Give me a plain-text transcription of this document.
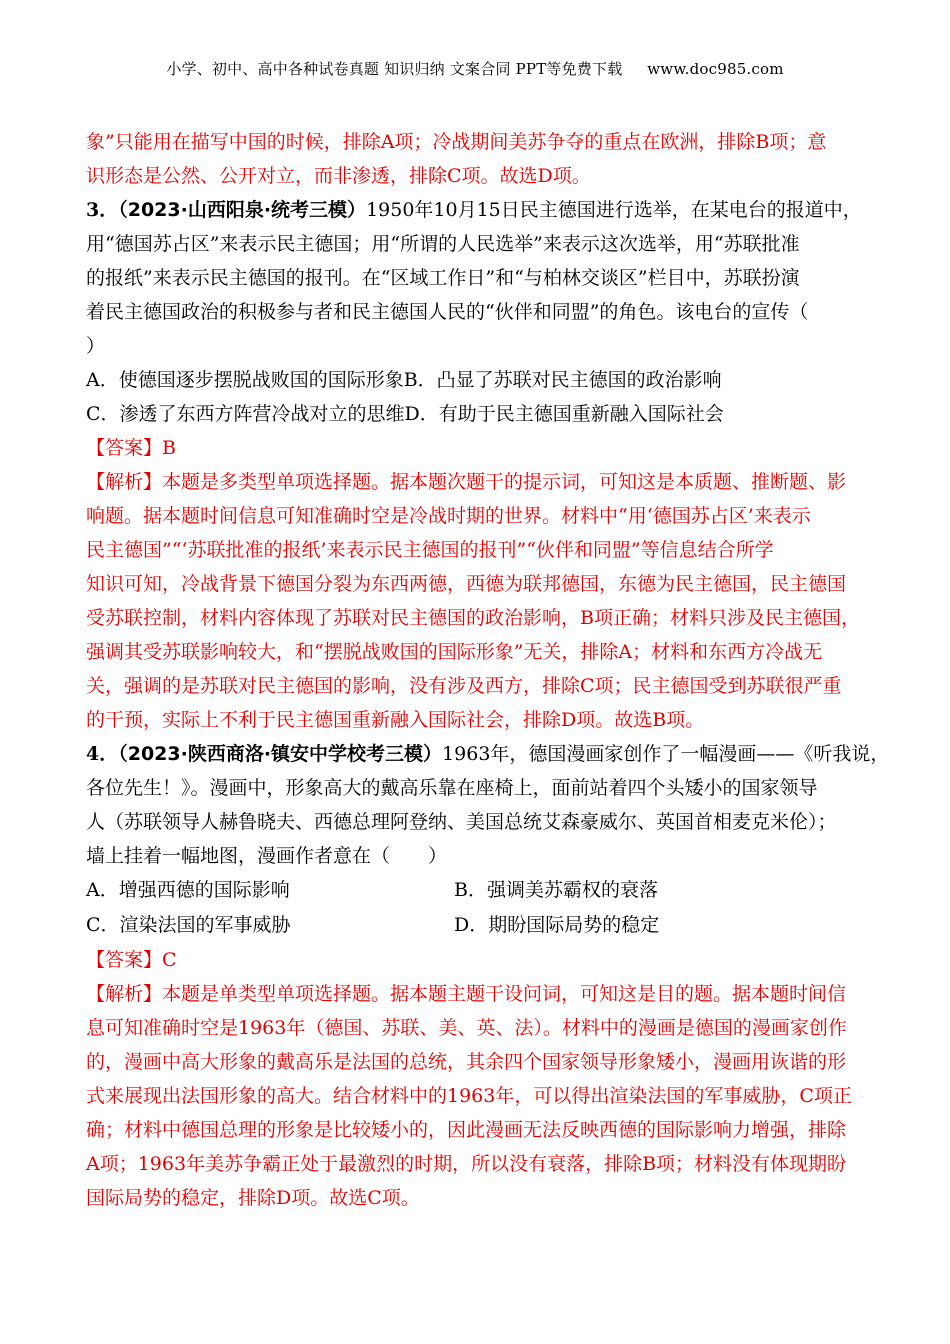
小学、初中、高中各种试卷真题 知识归纳 文案合同 PPT等免费下载 www.doc985.com
象”只能用在描写中国的时候，排除A项；冷战期间美苏争夺的重点在欧洲，排除B项；意
识形态是公然、公开对立，而非渗透，排除C项。故选D项。
3．（2023·山西阳泉·统考三模）1950年10月15日民主德国进行选举，在某电台的报道中，
用“德国苏占区”来表示民主德国；用“所谓的人民选举”来表示这次选举，用“苏联批准
的报纸”来表示民主德国的报刊。在“区域工作日”和“与柏林交谈区”栏目中，苏联扮演
着民主德国政治的积极参与者和民主德国人民的“伙伴和同盟”的角色。该电台的宣传（
）
A．使德国逐步摆脱战败国的国际形象B．凸显了苏联对民主德国的政治影响
C．渗透了东西方阵营冷战对立的思维D．有助于民主德国重新融入国际社会
【答案】B
【解析】本题是多类型单项选择题。据本题次题干的提示词，可知这是本质题、推断题、影
响题。据本题时间信息可知准确时空是冷战时期的世界。材料中“用‘德国苏占区’来表示
民主德国”“‘苏联批准的报纸’来表示民主德国的报刊”“伙伴和同盟”等信息结合所学
知识可知，冷战背景下德国分裂为东西两德，西德为联邦德国，东德为民主德国，民主德国
受苏联控制，材料内容体现了苏联对民主德国的政治影响，B项正确；材料只涉及民主德国，
强调其受苏联影响较大，和“摆脱战败国的国际形象”无关，排除A；材料和东西方冷战无
关，强调的是苏联对民主德国的影响，没有涉及西方，排除C项；民主德国受到苏联很严重
的干预，实际上不利于民主德国重新融入国际社会，排除D项。故选B项。
4．（2023·陕西商洛·镇安中学校考三模）1963年，德国漫画家创作了一幅漫画——《听我说，
各位先生！》。漫画中，形象高大的戴高乐靠在座椅上，面前站着四个头矮小的国家领导
人（苏联领导人赫鲁晓夫、西德总理阿登纳、美国总统艾森豪威尔、英国首相麦克米伦）；
墙上挂着一幅地图，漫画作者意在（　　）
A．增强西德的国际影响	B．强调美苏霸权的衰落
C．渲染法国的军事威胁	D．期盼国际局势的稳定
【答案】C
【解析】本题是单类型单项选择题。据本题主题干设问词，可知这是目的题。据本题时间信
息可知准确时空是1963年（德国、苏联、美、英、法）。材料中的漫画是德国的漫画家创作
的，漫画中高大形象的戴高乐是法国的总统，其余四个国家领导形象矮小，漫画用诙谐的形
式来展现出法国形象的高大。结合材料中的1963年，可以得出渲染法国的军事威胁，C项正
确；材料中德国总理的形象是比较矮小的，因此漫画无法反映西德的国际影响力增强，排除
A项；1963年美苏争霸正处于最激烈的时期，所以没有衰落，排除B项；材料没有体现期盼
国际局势的稳定，排除D项。故选C项。
